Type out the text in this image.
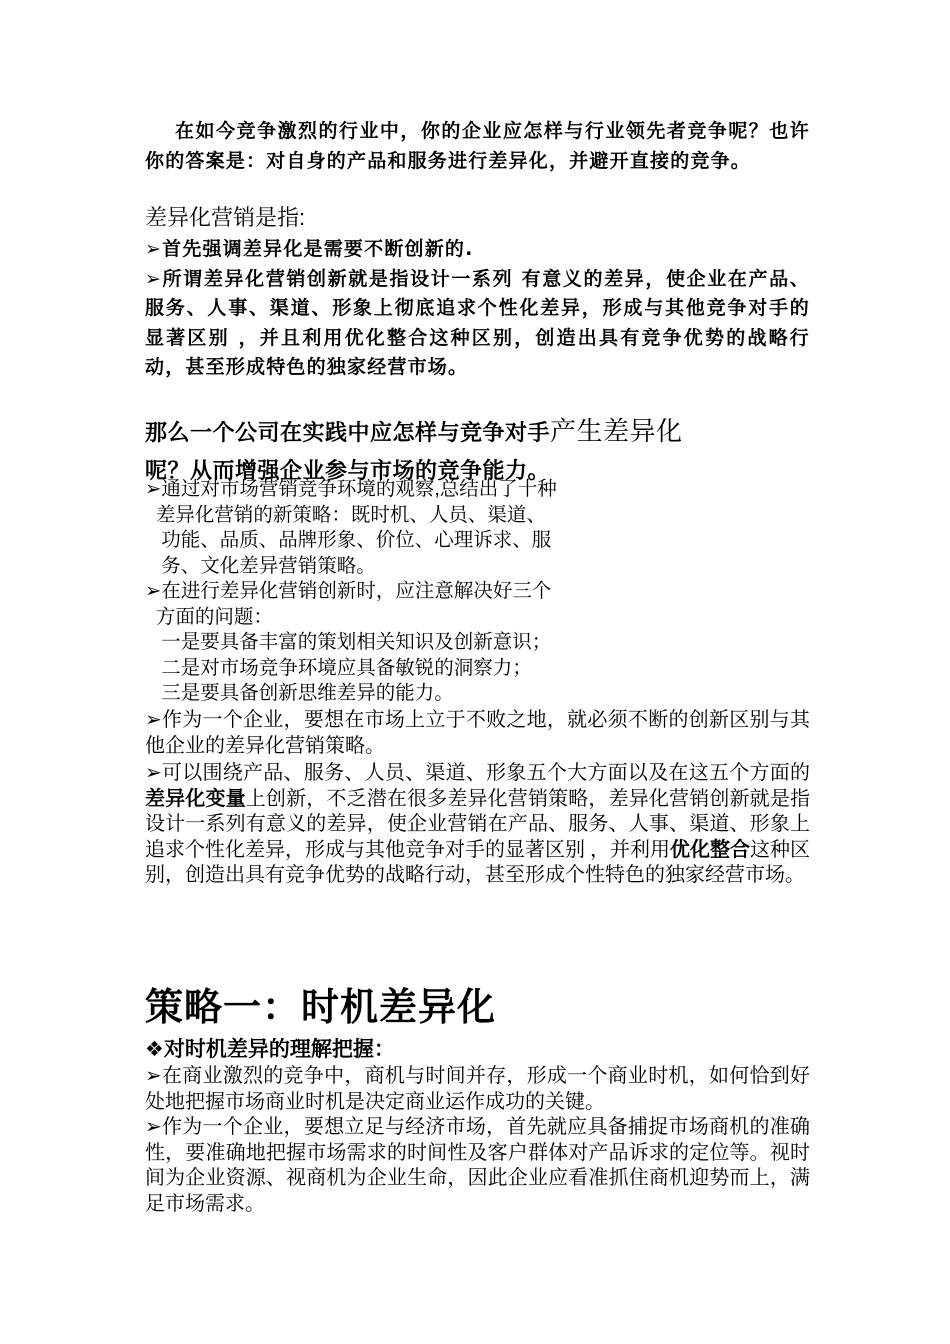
在如今竞争激烈的行业中，你的企业应怎样与行业领先者竞争呢？也许你的答案是：对自身的产品和服务进行差异化，并避开直接的竞争。

差异化营销是指:

➢首先强调差异化是需要不断创新的.

➢所谓差异化营销创新就是指设计一系列 有意义的差异，使企业在产品、服务、人事、渠道、形象上彻底追求个性化差异，形成与其他竞争对手的显著区别 ，并且利用优化整合这种区别，创造出具有竞争优势的战略行动，甚至形成特色的独家经营市场。

那么一个公司在实践中应怎样与竞争对手产生差异化
呢？从而增强企业参与市场的竞争能力。

➢通过对市场营销竞争环境的观察,总结出了十种

差异化营销的新策略：既时机、人员、渠道、

功能、品质、品牌形象、价位、心理诉求、服

务、文化差异营销策略。

➢在进行差异化营销创新时，应注意解决好三个

方面的问题：

一是要具备丰富的策划相关知识及创新意识；

二是对市场竞争环境应具备敏锐的洞察力；

三是要具备创新思维差异的能力。

➢作为一个企业，要想在市场上立于不败之地，就必须不断的创新区别与其他企业的差异化营销策略。

➢可以围绕产品、服务、人员、渠道、形象五个大方面以及在这五个方面的差异化变量上创新，不乏潜在很多差异化营销策略，差异化营销创新就是指设计一系列有意义的差异，使企业营销在产品、服务、人事、渠道、形象上追求个性化差异，形成与其他竞争对手的显著区别 ，并利用优化整合这种区别，创造出具有竞争优势的战略行动，甚至形成个性特色的独家经营市场。

策略一：时机差异化
❖对时机差异的理解把握：

➢在商业激烈的竞争中，商机与时间并存，形成一个商业时机，如何恰到好处地把握市场商业时机是决定商业运作成功的关键。

➢作为一个企业，要想立足与经济市场，首先就应具备捕捉市场商机的准确性，要准确地把握市场需求的时间性及客户群体对产品诉求的定位等。视时间为企业资源、视商机为企业生命，因此企业应看准抓住商机迎势而上，满足市场需求。
